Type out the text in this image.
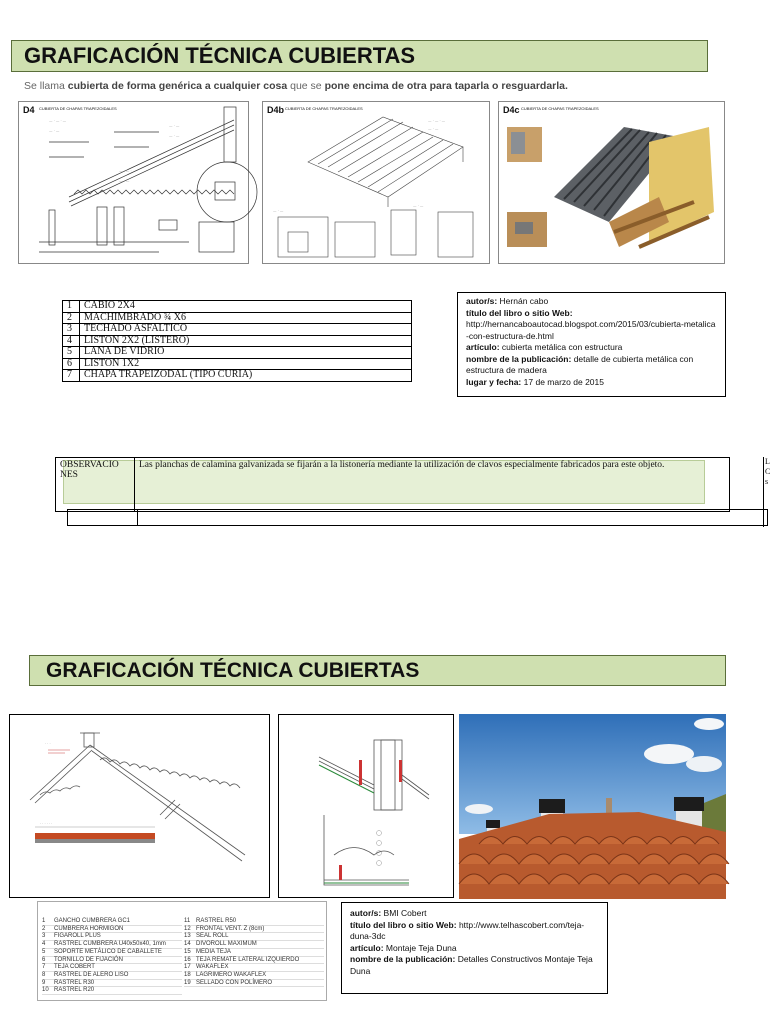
GRAFICACIÓN TÉCNICA CUBIERTAS
Se llama cubierta de forma genérica a cualquier cosa que se pone encima de otra para taparla o resguardarla.
D4 CUBIERTA DE CHAPAS TRAPEZOIDALES
— · — · —
— · —
— · —
— · —
— · — ·
— · —
D4b CUBIERTA DE CHAPAS TRAPEZOIDALES
— · — · —
— · —
— · —
— · —
D4c CUBIERTA DE CHAPAS TRAPEZOIDALES
1	CABIO 2X4
2	MACHIMBRADO ¾ X6
3	TECHADO ASFALTICO
4	LISTON 2X2 (LISTERO)
5	LANA DE VIDRIO
6	LISTON 1X2
7	CHAPA TRAPEIZODAL (TIPO CURIA)
autor/s: Hernán cabo
título del libro o sitio Web:
http://hernancaboautocad.blogspot.com/2015/03/cubierta-metalica-con-estructura-de.html
artículo: cubierta metálica con estructura
nombre de la publicación: detalle de cubierta metálica con estructura de madera
lugar y fecha: 17 de marzo de 2015
OBSERVACIO NES	Las planchas de calamina galvanizada se fijarán a la listonería mediante la utilización de clavos especialmente fabricados para este objeto.
		L
C
s
GRAFICACIÓN TÉCNICA CUBIERTAS
· · ·
· · · · · ·
1	GANCHO CUMBRERA GC1
2	CUMBRERA HORMIGON
3	FIGAROLL PLUS
4	RASTREL CUMBRERA U40x50x40, 1mm
5	SOPORTE METÁLICO DE CABALLETE
6	TORNILLO DE FIJACIÓN
7	TEJA COBERT
8	RASTREL DE ALERO LISO
9	RASTREL R30
10 RASTREL R20
11 RASTREL R50
12 FRONTAL VENT. Z (8cm)
13 SEAL ROLL
14 DIVOROLL MAXIMUM
15 MEDIA TEJA
16 TEJA REMATE LATERAL IZQUIERDO
17 WAKAFLEX
18 LAGRIMERO WAKAFLEX
19 SELLADO CON POLÍMERO
autor/s: BMI Cobert
título del libro o sitio Web: http://www.telhascobert.com/teja-duna-3dc
artículo: Montaje Teja Duna
nombre de la publicación: Detalles Constructivos Montaje Teja Duna
